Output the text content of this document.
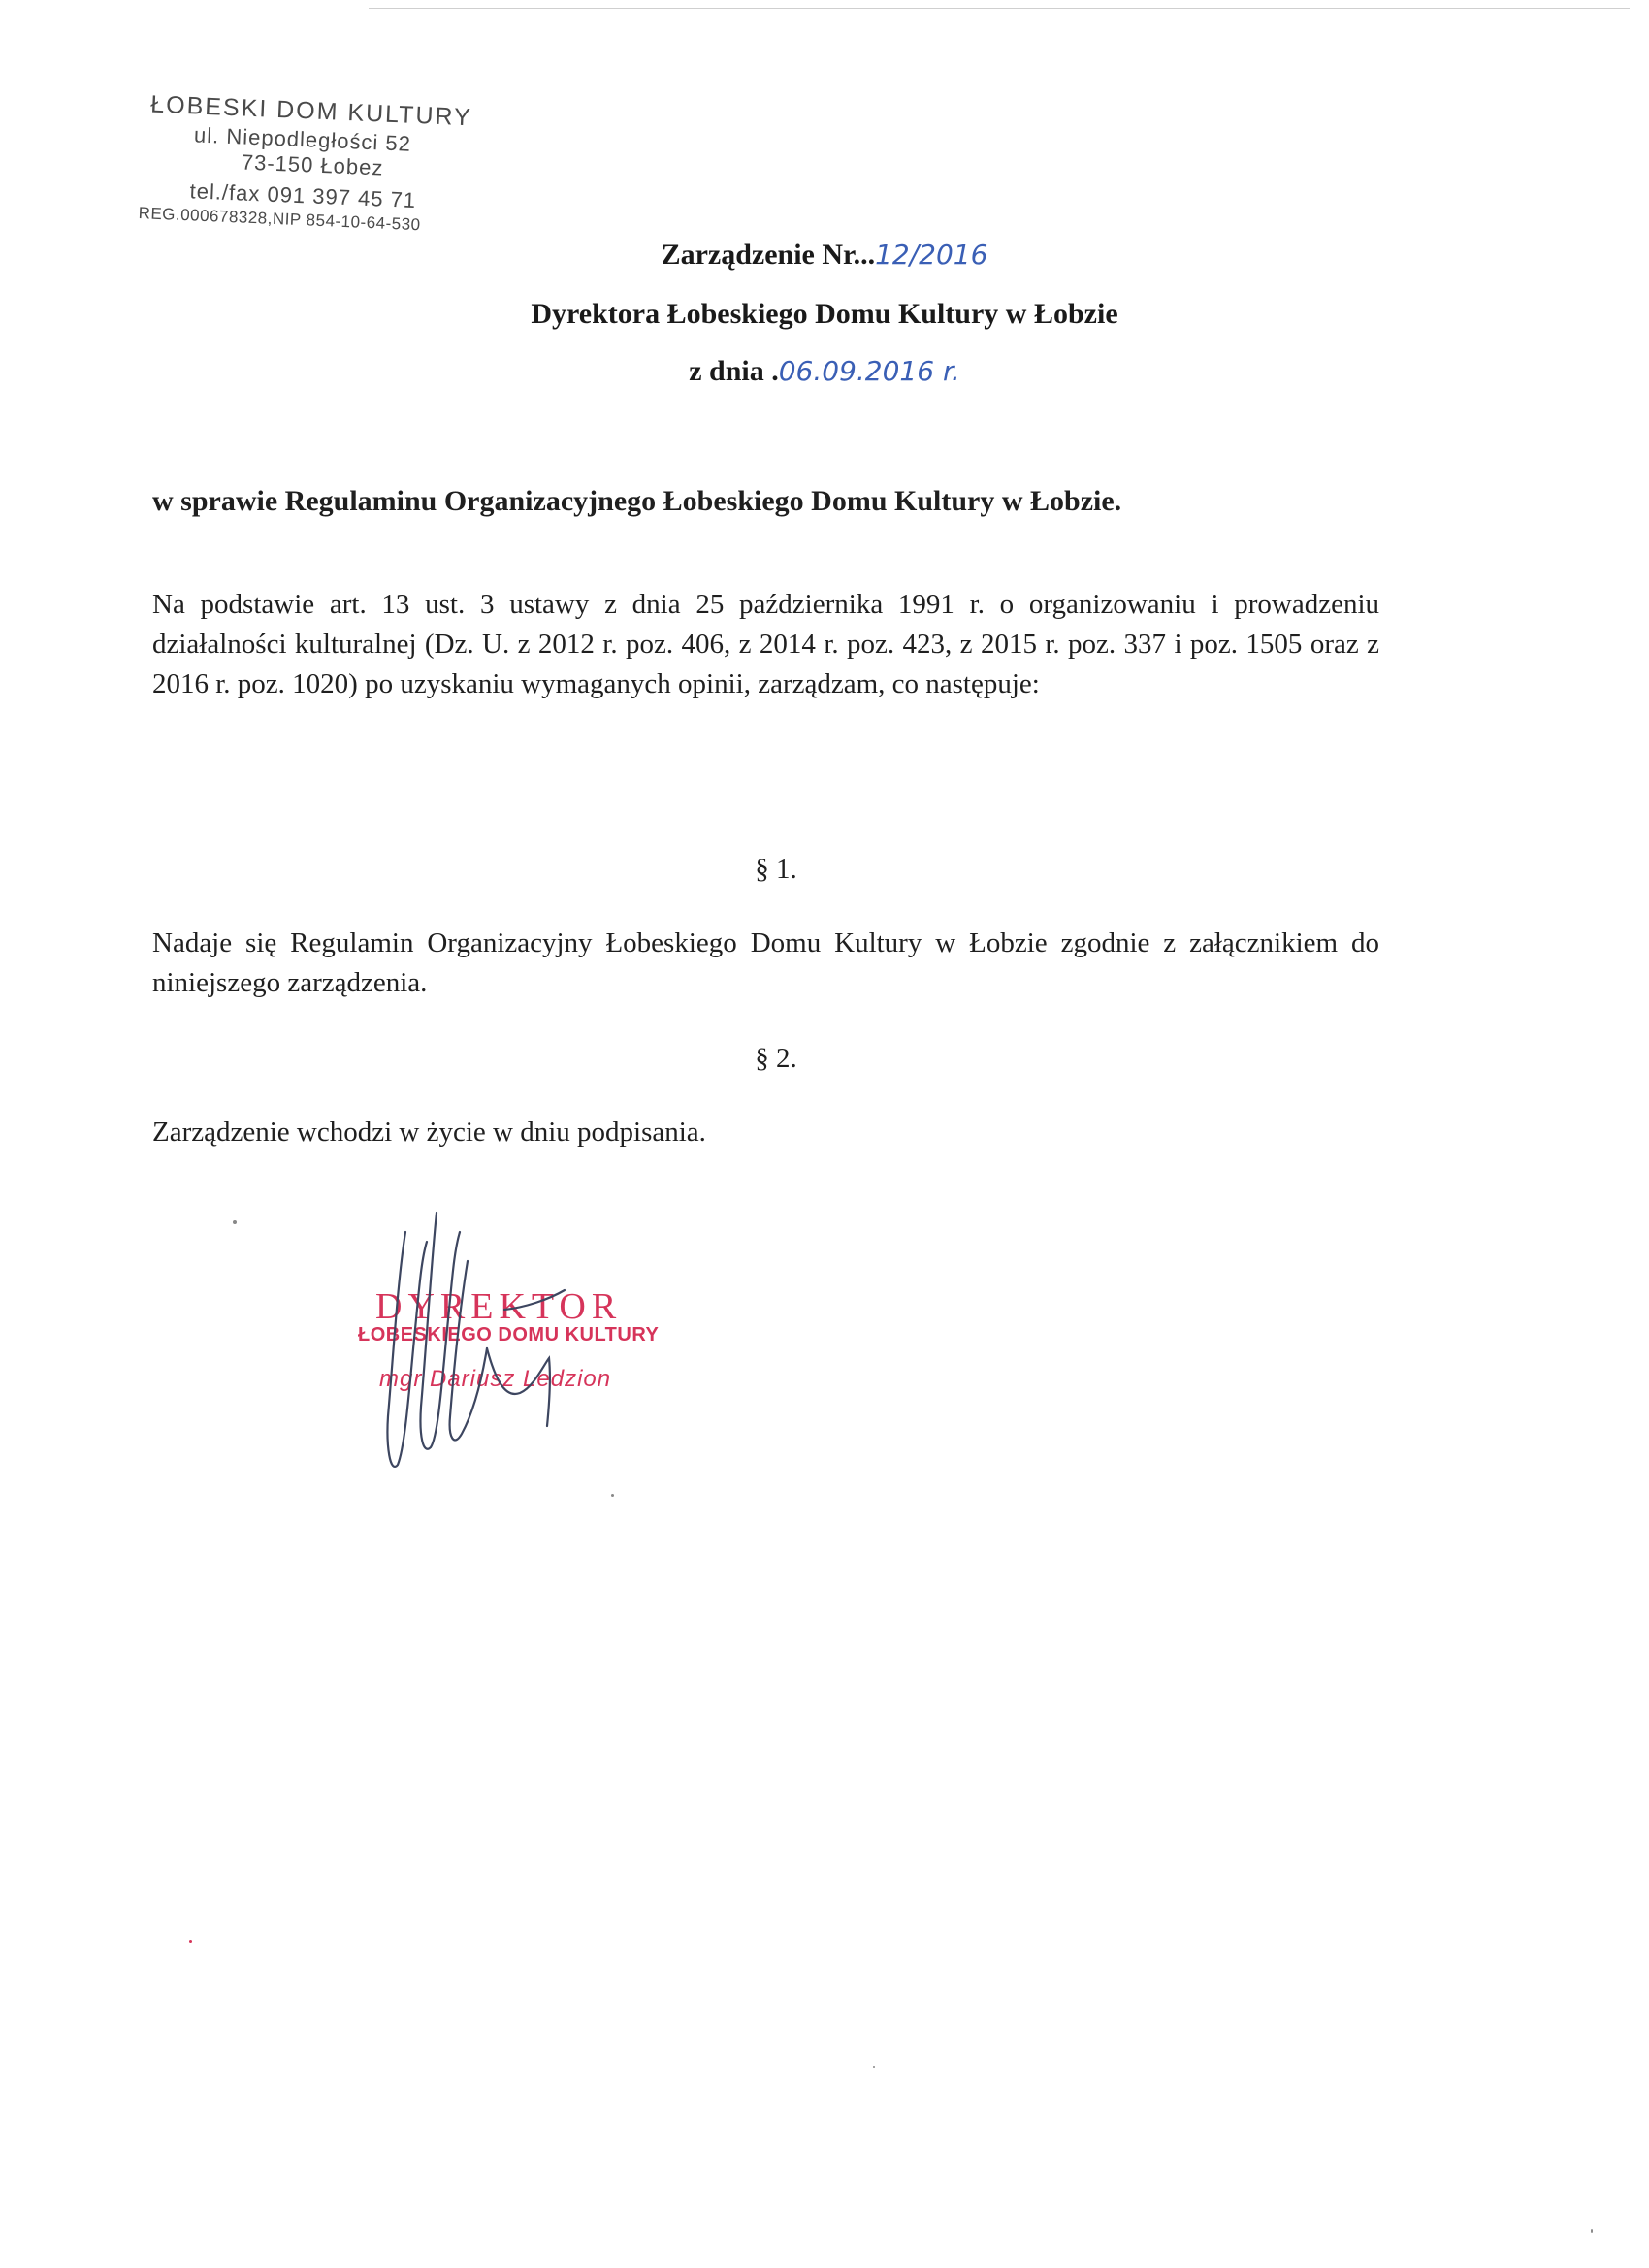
ŁOBESKI DOM KULTURY
ul. Niepodległości 52
73-150 Łobez
tel./fax 091 397 45 71
REG.000678328,NIP 854-10-64-530
Zarządzenie Nr...12/2016
Dyrektora Łobeskiego Domu Kultury w Łobzie
z dnia .06.09.2016 r.
w sprawie Regulaminu Organizacyjnego Łobeskiego Domu Kultury w Łobzie.
Na podstawie art. 13 ust. 3 ustawy z dnia 25 października 1991 r. o organizowaniu i prowadzeniu działalności kulturalnej (Dz. U. z 2012 r. poz. 406, z 2014 r. poz. 423, z 2015 r. poz. 337 i poz. 1505 oraz z 2016 r. poz. 1020) po uzyskaniu wymaganych opinii, zarządzam, co następuje:
§ 1.
Nadaje się Regulamin Organizacyjny Łobeskiego Domu Kultury w Łobzie zgodnie z załącznikiem do niniejszego zarządzenia.
§ 2.
Zarządzenie wchodzi w życie w dniu podpisania.
DYREKTOR
ŁOBESKIEGO DOMU KULTURY
mgr Dariusz Ledzion
